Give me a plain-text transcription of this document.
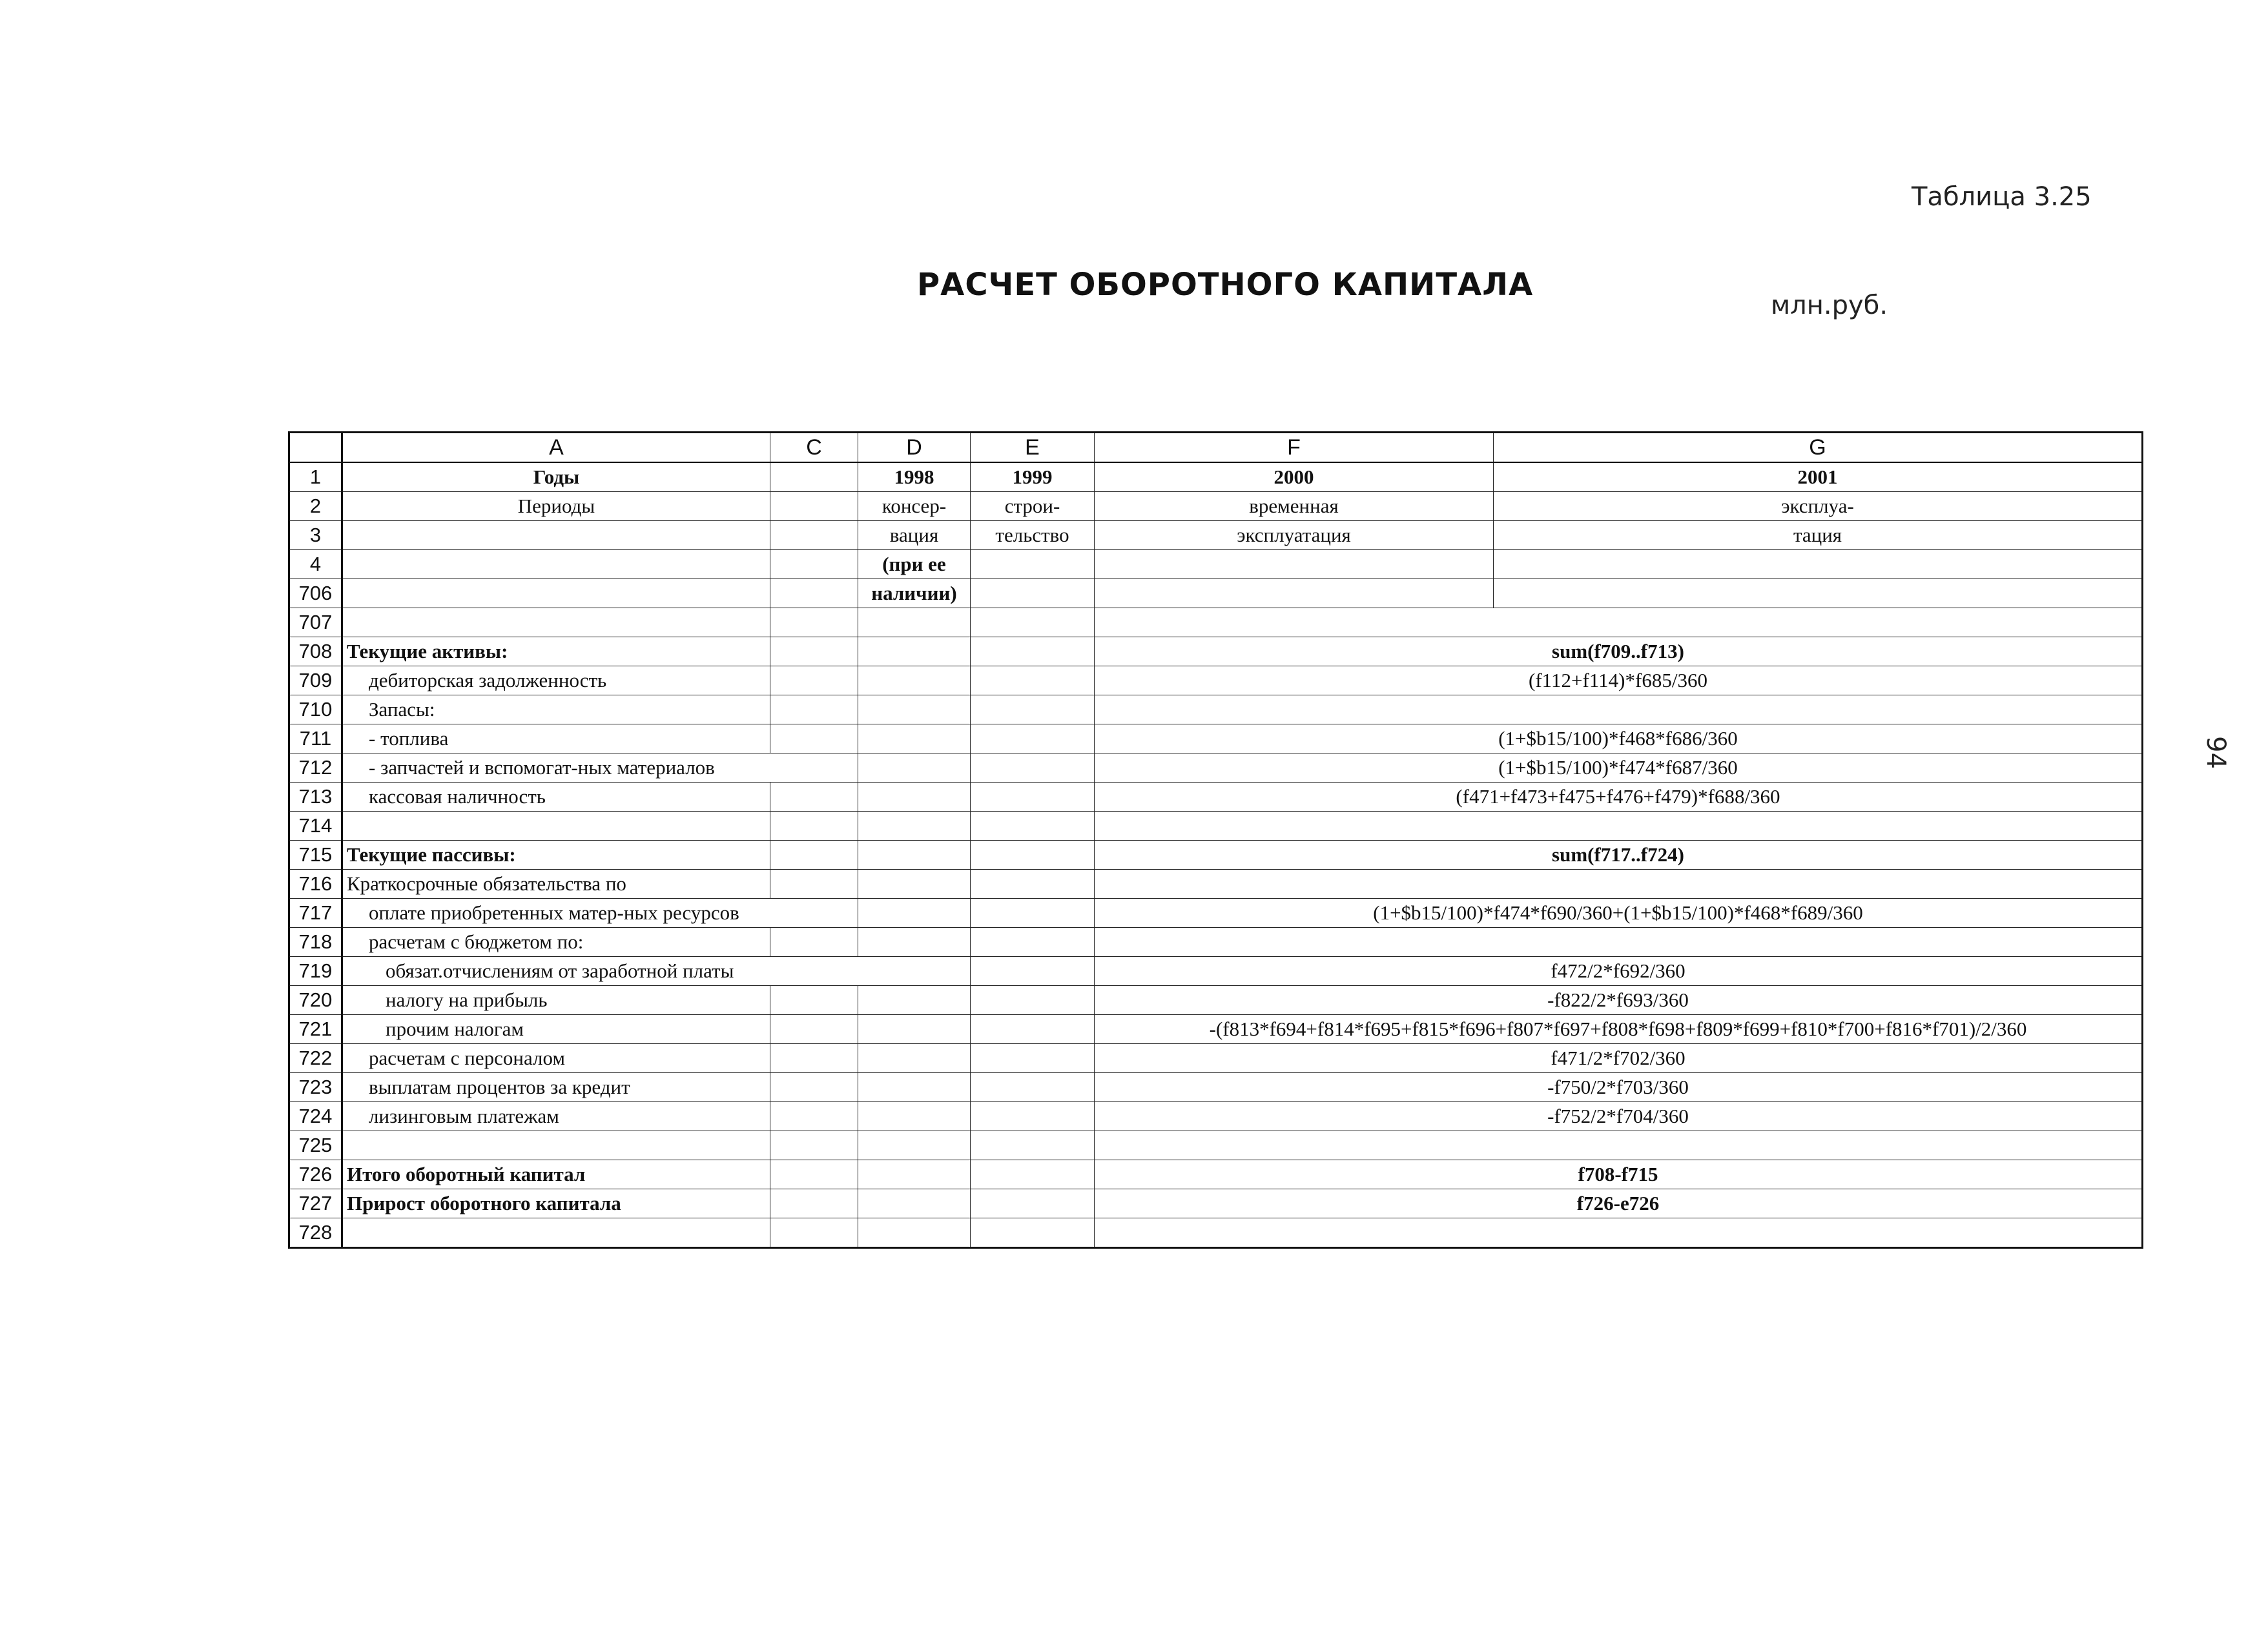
Таблица 3.25
РАСЧЕТ ОБОРОТНОГО КАПИТАЛА
млн.руб.
94
	A	C	D	E	F	G
1	Годы		1998	1999	2000	2001
2	Периоды		консер-	строи-	временная	эксплуа-
3			вация	тельство	эксплуатация	тация
4			(при ее			
706			наличии)			
707						
708	Текущие активы:				sum(f709..f713)	
709	дебиторская задолженность				(f112+f114)*f685/360	
710	Запасы:					
711	- топлива				(1+$b15/100)*f468*f686/360	
712	- запчастей и вспомогат-ных материалов				(1+$b15/100)*f474*f687/360	
713	кассовая наличность				(f471+f473+f475+f476+f479)*f688/360	
714						
715	Текущие пассивы:				sum(f717..f724)	
716	Краткосрочные обязательства по					
717	оплате приобретенных матер-ных ресурсов				(1+$b15/100)*f474*f690/360+(1+$b15/100)*f468*f689/360	
718	расчетам с бюджетом по:					
719	обязат.отчислениям от заработной платы				f472/2*f692/360	
720	налогу на прибыль				-f822/2*f693/360	
721	прочим налогам				-(f813*f694+f814*f695+f815*f696+f807*f697+f808*f698+f809*f699+f810*f700+f816*f701)/2/360	
722	расчетам с персоналом				f471/2*f702/360	
723	выплатам процентов за кредит				-f750/2*f703/360	
724	лизинговым платежам				-f752/2*f704/360	
725						
726	Итого оборотный капитал				f708-f715	
727	Прирост оборотного капитала				f726-e726	
728						
